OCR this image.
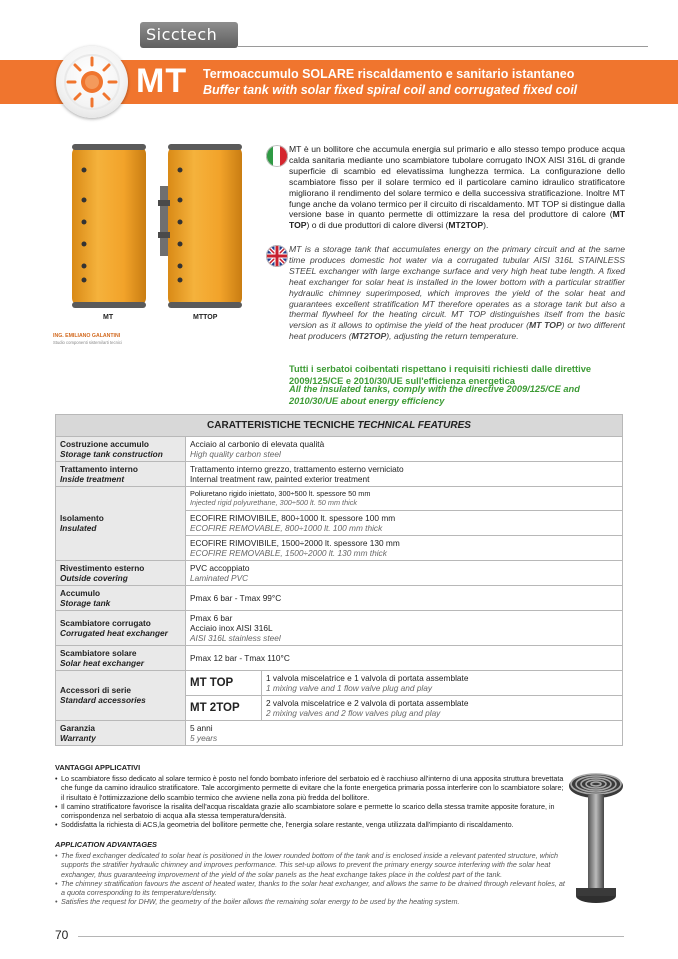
Sicctech
MT Termoaccumulo SOLARE riscaldamento e sanitario istantaneo
Buffer tank with solar fixed spiral coil and corrugated fixed coil
MT	MTTOP
ING. EMILIANO GALANTINI
Studio componenti sistemi/arti tecnici

MT è un bollitore che accumula energia sul primario e allo stesso tempo produce acqua calda sanitaria mediante uno scambiatore tubolare corrugato INOX AISI 316L di grande superficie di scambio ed elevatissima lunghezza termica. La configurazione dello scambiatore fisso per il solare termico ed il particolare camino idraulico stratificatore migliorano il rendimento del solare termico e della successiva stratificazione. Inoltre MT funge anche da volano termico per il circuito di riscaldamento. MT TOP si distingue dalla versione base in quanto permette di ottimizzare la resa del produttore di calore (MT TOP) o di due produttori di calore diversi (MT2TOP).

MT is a storage tank that accumulates energy on the primary circuit and at the same time produces domestic hot water via a corrugated tubular AISI 316L STAINLESS STEEL exchanger with large exchange surface and very high heat tube length. A fixed heat exchanger for solar heat is installed in the lower bottom with a particular stratifier hydraulic chimney superimposed, which improves the yield of the solar heat and guarantees excellent stratification MT therefore operates as a storage tank but also a thermal flywheel for the heating circuit. MT TOP distinguishes itself from the basic version as it allows to optimise the yield of the heat producer (MT TOP) or two different heat producers (MT2TOP), adjusting the return temperature.

Tutti i serbatoi coibentati rispettano i requisiti richiesti dalle direttive 2009/125/CE e 2010/30/UE sull'efficienza energetica

All the insulated tanks, comply with the directive 2009/125/CE and 2010/30/UE about energy efficiency

CARATTERISTICHE TECNICHE TECHNICAL FEATURES		

Costruzione accumulo
Storage tank construction	Acciaio al carbonio di elevata qualità
High quality carbon steel	

Trattamento interno
Inside treatment	Trattamento interno grezzo, trattamento esterno verniciato
Internal treatment raw, painted exterior treatment	

Isolamento
Insulated	Poliuretano rigido iniettato, 300÷500 lt. spessore 50 mm
Injected rigid polyurethane, 300÷500 lt. 50 mm thick	

	ECOFIRE RIMOVIBILE, 800÷1000 lt. spessore 100 mm
ECOFIRE REMOVABLE, 800÷1000 lt. 100 mm thick	

	ECOFIRE RIMOVIBILE, 1500÷2000 lt. spessore 130 mm
ECOFIRE REMOVABLE, 1500÷2000 lt. 130 mm thick	

Rivestimento esterno
Outside covering	PVC accoppiato
Laminated PVC	

Accumulo
Storage tank	Pmax 6 bar - Tmax 99°C	

Scambiatore corrugato
Corrugated heat exchanger	Pmax 6 bar
Acciaio inox AISI 316L
AISI 316L stainless steel	

Scambiatore solare
Solar heat exchanger	Pmax 12 bar - Tmax 110°C	

Accessori di serie
Standard accessories	MT TOP	1 valvola miscelatrice e 1 valvola di portata assemblate
1 mixing valve and 1 flow valve plug and play

	MT 2TOP	2 valvola miscelatrice e 2 valvola di portata assemblate
2 mixing valves and 2 flow valves plug and play

Garanzia
Warranty	5 anni
5 years	
VANTAGGI APPLICATIVI
• Lo scambiatore fisso dedicato al solare termico è posto nel fondo bombato inferiore del serbatoio ed è racchiuso all'interno di una apposita struttura brevettata che funge da camino idraulico stratificatore. Tale accorgimento permette di evitare che la fonte energetica primaria possa interferire con lo scambiatore solare; il risultato è l'ottimizzazione dello scambio termico che avviene nella zona più fredda del bollitore.
• Il camino stratificatore favorisce la risalita dell'acqua riscaldata grazie allo scambiatore solare e permette lo scarico della stessa tramite apposite forature, in corrispondenza nel serbatoio di acqua alla stessa temperatura/densità.
• Soddisfatta la richiesta di ACS,la geometria del bollitore permette che, l'energia solare restante, venga utilizzata dall'impianto di riscaldamento.
APPLICATION ADVANTAGES
• The fixed exchanger dedicated to solar heat is positioned in the lower rounded bottom of the tank and is enclosed inside a relevant patented structure, which supports the stratifier hydraulic chimney and improves performance. This set-up allows to prevent the primary energy source interfering with the solar heat exchanger, thus guaranteeing improvement of the yield of the solar panels as the heat exchange takes place in the coldest part of the tank.
• The chimney stratification favours the ascent of heated water, thanks to the solar heat exchanger, and allows the same to be drained through relevant holes, at a quota corresponding to its temperature/density.
• Satisfies the request for DHW, the geometry of the boiler allows the remaining solar energy to be used by the heating system.
70
